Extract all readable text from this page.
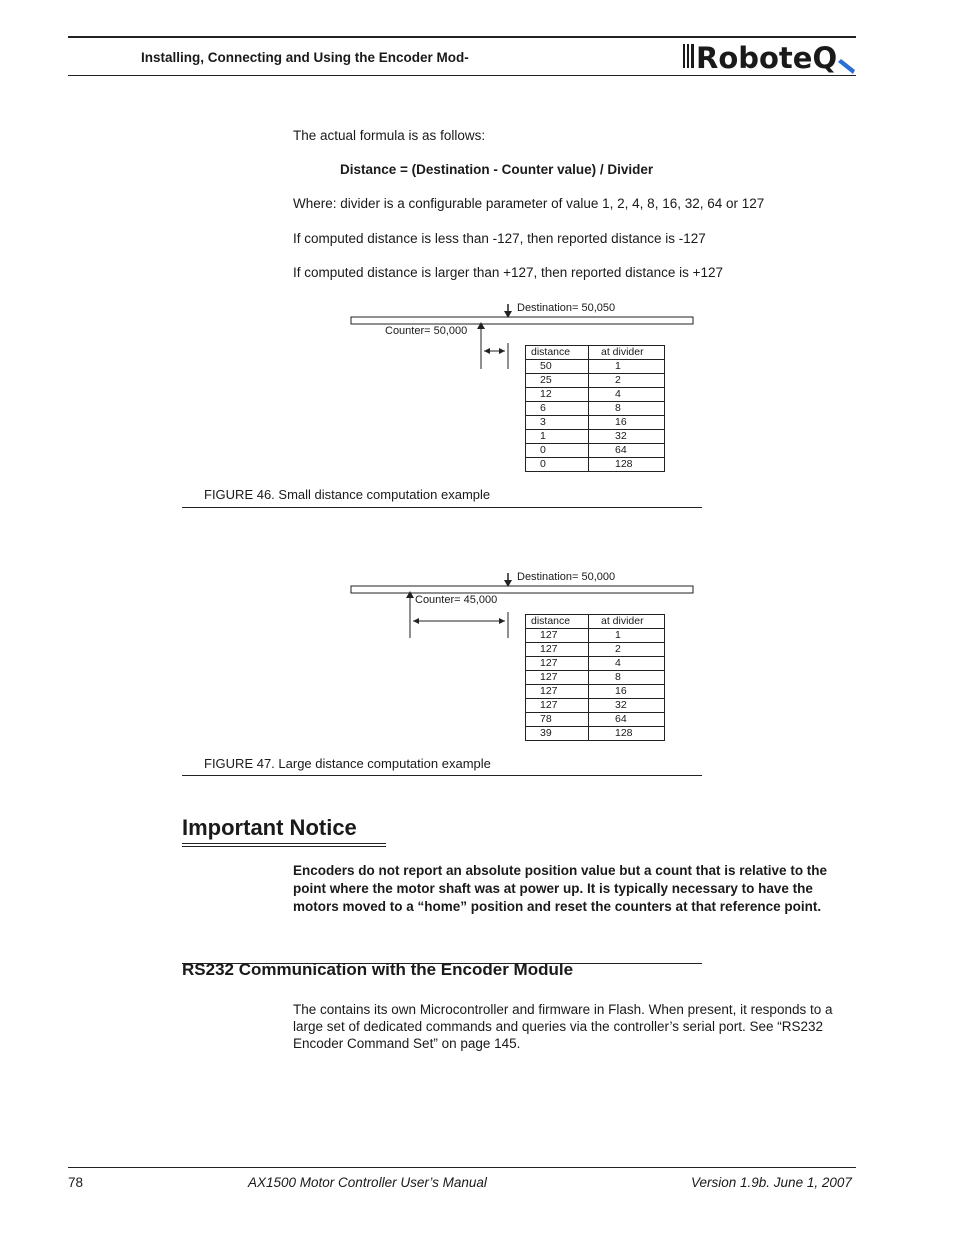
Installing, Connecting and Using the Encoder Mod-	RoboteQ
The actual formula is as follows:
Distance = (Destination - Counter value) / Divider
Where: divider is a configurable parameter of value 1, 2, 4, 8, 16, 32, 64 or 127
If computed distance is less than -127, then reported distance is -127
If computed distance is larger than +127, then reported distance is +127
Destination= 50,050
Counter= 50,000
distance	at divider
50	1
25	2
12	4
6	8
3	16
1	32
0	64
0	128
FIGURE 46. Small distance computation example
Destination= 50,000
Counter= 45,000
distance	at divider
127	1
127	2
127	4
127	8
127	16
127	32
78	64
39	128
FIGURE 47. Large distance computation example
Important Notice
Encoders do not report an absolute position value but a count that is relative to the point where the motor shaft was at power up. It is typically necessary to have the motors moved to a “home” position and reset the counters at that reference point.
RS232 Communication with the Encoder Module
The contains its own Microcontroller and firmware in Flash. When present, it responds to a large set of dedicated commands and queries via the controller’s serial port. See “RS232 Encoder Command Set” on page 145.
78	AX1500 Motor Controller User’s Manual	Version 1.9b. June 1, 2007
